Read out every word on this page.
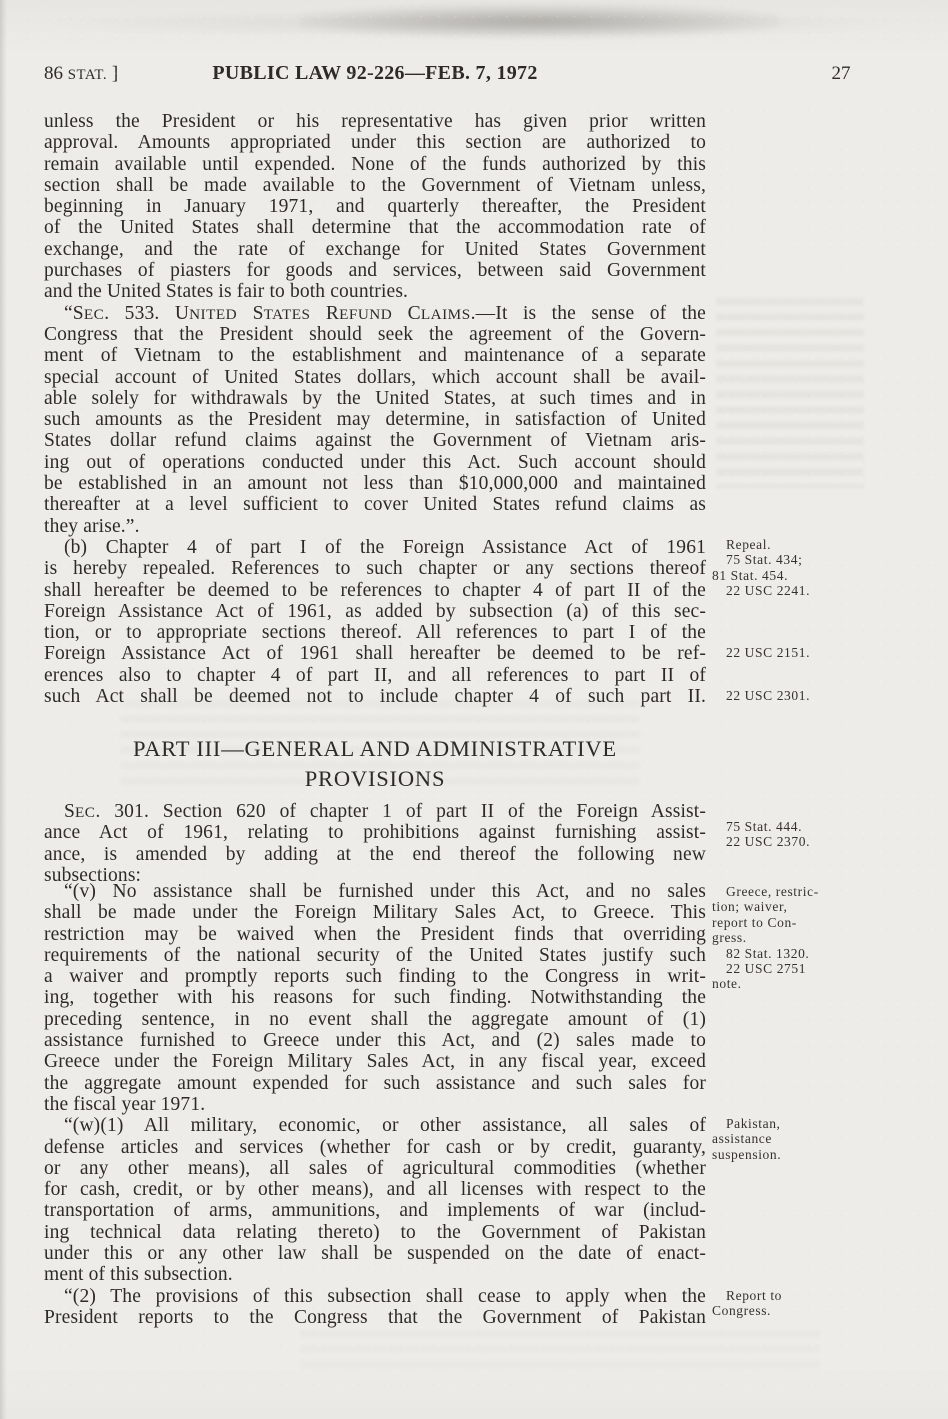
86 STAT. ]	PUBLIC LAW 92-226—FEB. 7, 1972	27
unless the President or his representative has given prior written
approval. Amounts appropriated under this section are authorized to
remain available until expended. None of the funds authorized by this
section shall be made available to the Government of Vietnam unless,
beginning in January 1971, and quarterly thereafter, the President
of the United States shall determine that the accommodation rate of
exchange, and the rate of exchange for United States Government
purchases of piasters for goods and services, between said Government
and the United States is fair to both countries.
“SEC. 533. UNITED STATES REFUND CLAIMS.—It is the sense of the
Congress that the President should seek the agreement of the Govern-
ment of Vietnam to the establishment and maintenance of a separate
special account of United States dollars, which account shall be avail-
able solely for withdrawals by the United States, at such times and in
such amounts as the President may determine, in satisfaction of United
States dollar refund claims against the Government of Vietnam aris-
ing out of operations conducted under this Act. Such account should
be established in an amount not less than $10,000,000 and maintained
thereafter at a level sufficient to cover United States refund claims as
they arise.”.
(b) Chapter 4 of part I of the Foreign Assistance Act of 1961
is hereby repealed. References to such chapter or any sections thereof
shall hereafter be deemed to be references to chapter 4 of part II of the
Foreign Assistance Act of 1961, as added by subsection (a) of this sec-
tion, or to appropriate sections thereof. All references to part I of the
Foreign Assistance Act of 1961 shall hereafter be deemed to be ref-
erences also to chapter 4 of part II, and all references to part II of
such Act shall be deemed not to include chapter 4 of such part II.
PART III—GENERAL AND ADMINISTRATIVE
PROVISIONS
SEC. 301. Section 620 of chapter 1 of part II of the Foreign Assist-
ance Act of 1961, relating to prohibitions against furnishing assist-
ance, is amended by adding at the end thereof the following new
subsections:
“(v) No assistance shall be furnished under this Act, and no sales
shall be made under the Foreign Military Sales Act, to Greece. This
restriction may be waived when the President finds that overriding
requirements of the national security of the United States justify such
a waiver and promptly reports such finding to the Congress in writ-
ing, together with his reasons for such finding. Notwithstanding the
preceding sentence, in no event shall the aggregate amount of (1)
assistance furnished to Greece under this Act, and (2) sales made to
Greece under the Foreign Military Sales Act, in any fiscal year, exceed
the aggregate amount expended for such assistance and such sales for
the fiscal year 1971.
“(w)(1) All military, economic, or other assistance, all sales of
defense articles and services (whether for cash or by credit, guaranty,
or any other means), all sales of agricultural commodities (whether
for cash, credit, or by other means), and all licenses with respect to the
transportation of arms, ammunitions, and implements of war (includ-
ing technical data relating thereto) to the Government of Pakistan
under this or any other law shall be suspended on the date of enact-
ment of this subsection.
“(2) The provisions of this subsection shall cease to apply when the
President reports to the Congress that the Government of Pakistan
Repeal.
75 Stat. 434;
81 Stat. 454.
22 USC 2241.
22 USC 2151.
22 USC 2301.
75 Stat. 444.
22 USC 2370.
Greece, restric-
tion; waiver,
report to Con-
gress.
82 Stat. 1320.
22 USC 2751
note.
Pakistan,
assistance
suspension.
Report to
Congress.
